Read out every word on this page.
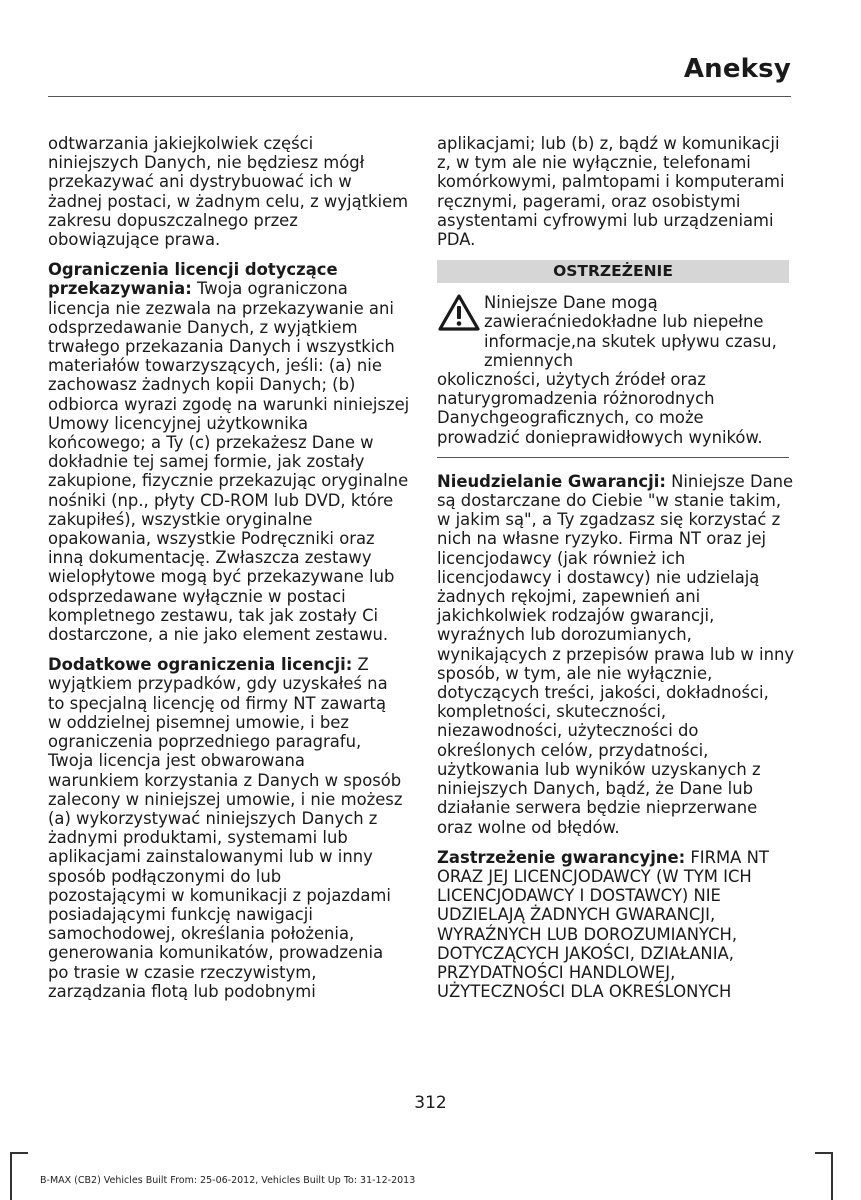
Aneksy
odtwarzania jakiejkolwiek części
niniejszych Danych, nie będziesz mógł
przekazywać ani dystrybuować ich w
żadnej postaci, w żadnym celu, z wyjątkiem
zakresu dopuszczalnego przez
obowiązujące prawa.
Ograniczenia licencji dotyczące
przekazywania: Twoja ograniczona
licencja nie zezwala na przekazywanie ani
odsprzedawanie Danych, z wyjątkiem
trwałego przekazania Danych i wszystkich
materiałów towarzyszących, jeśli: (a) nie
zachowasz żadnych kopii Danych; (b)
odbiorca wyrazi zgodę na warunki niniejszej
Umowy licencyjnej użytkownika
końcowego; a Ty (c) przekażesz Dane w
dokładnie tej samej formie, jak zostały
zakupione, fizycznie przekazując oryginalne
nośniki (np., płyty CD-ROM lub DVD, które
zakupiłeś), wszystkie oryginalne
opakowania, wszystkie Podręczniki oraz
inną dokumentację. Zwłaszcza zestawy
wielopłytowe mogą być przekazywane lub
odsprzedawane wyłącznie w postaci
kompletnego zestawu, tak jak zostały Ci
dostarczone, a nie jako element zestawu.
Dodatkowe ograniczenia licencji: Z
wyjątkiem przypadków, gdy uzyskałeś na
to specjalną licencję od firmy NT zawartą
w oddzielnej pisemnej umowie, i bez
ograniczenia poprzedniego paragrafu,
Twoja licencja jest obwarowana
warunkiem korzystania z Danych w sposób
zalecony w niniejszej umowie, i nie możesz
(a) wykorzystywać niniejszych Danych z
żadnymi produktami, systemami lub
aplikacjami zainstalowanymi lub w inny
sposób podłączonymi do lub
pozostającymi w komunikacji z pojazdami
posiadającymi funkcję nawigacji
samochodowej, określania położenia,
generowania komunikatów, prowadzenia
po trasie w czasie rzeczywistym,
zarządzania flotą lub podobnymi
aplikacjami; lub (b) z, bądź w komunikacji
z, w tym ale nie wyłącznie, telefonami
komórkowymi, palmtopami i komputerami
ręcznymi, pagerami, oraz osobistymi
asystentami cyfrowymi lub urządzeniami
PDA.
OSTRZEŻENIE
Niniejsze Dane mogą zawieraćniedokładne lub niepełne informacje,na skutek upływu czasu, zmiennych
okoliczności, użytych źródeł oraz naturygromadzenia różnorodnych Danychgeograficznych, co może prowadzić donieprawidłowych wyników.
Nieudzielanie Gwarancji: Niniejsze Dane
są dostarczane do Ciebie "w stanie takim,
w jakim są", a Ty zgadzasz się korzystać z
nich na własne ryzyko. Firma NT oraz jej
licencjodawcy (jak również ich
licencjodawcy i dostawcy) nie udzielają
żadnych rękojmi, zapewnień ani
jakichkolwiek rodzajów gwarancji,
wyraźnych lub dorozumianych,
wynikających z przepisów prawa lub w inny
sposób, w tym, ale nie wyłącznie,
dotyczących treści, jakości, dokładności,
kompletności, skuteczności,
niezawodności, użyteczności do
określonych celów, przydatności,
użytkowania lub wyników uzyskanych z
niniejszych Danych, bądź, że Dane lub
działanie serwera będzie nieprzerwane
oraz wolne od błędów.
Zastrzeżenie gwarancyjne: FIRMA NT
ORAZ JEJ LICENCJODAWCY (W TYM ICH
LICENCJODAWCY I DOSTAWCY) NIE
UDZIELAJĄ ŻADNYCH GWARANCJI,
WYRAŹNYCH LUB DOROZUMIANYCH,
DOTYCZĄCYCH JAKOŚCI, DZIAŁANIA,
PRZYDATNOŚCI HANDLOWEJ,
UŻYTECZNOŚCI DLA OKREŚLONYCH
312
B-MAX (CB2) Vehicles Built From: 25-06-2012, Vehicles Built Up To: 31-12-2013
